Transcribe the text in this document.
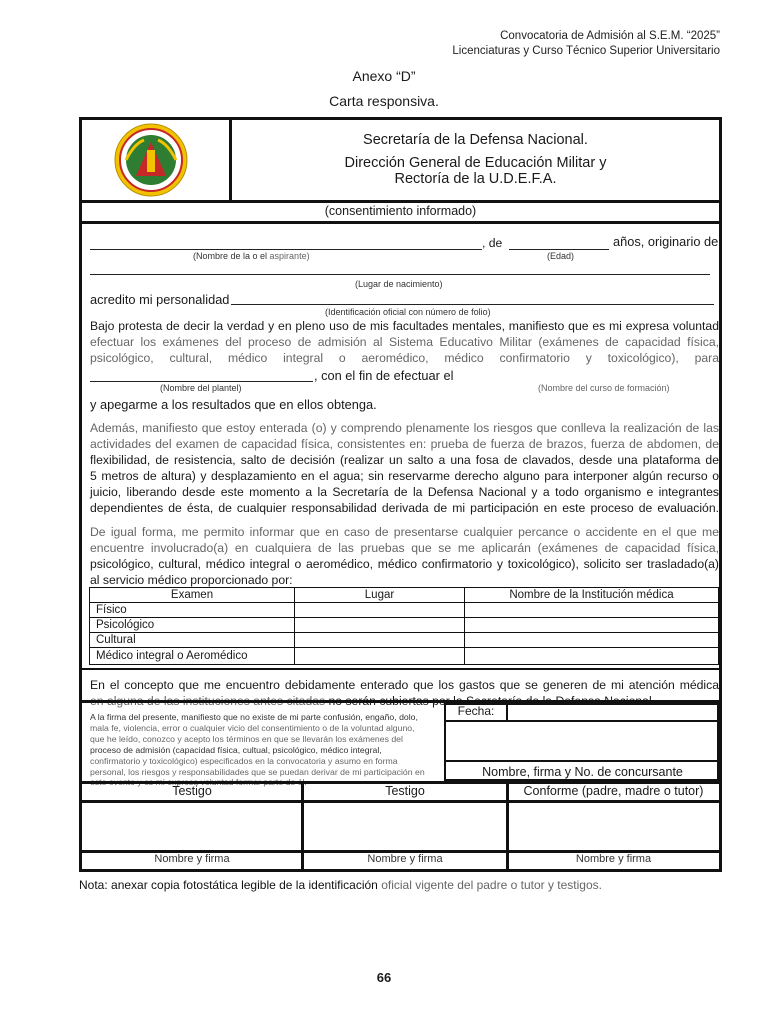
Convocatoria de Admisión al S.E.M. “2025”
Licenciaturas y Curso Técnico Superior Universitario
Anexo “D”
Carta responsiva.
Secretaría de la Defensa Nacional.
Dirección General de Educación Militar y
Rectoría de la U.D.E.F.A.
(consentimiento informado)
, de	años, originario de
(Nombre de la o el aspirante)	(Edad)
(Lugar de nacimiento)
acredito mi personalidad
(Identificación oficial con número de folio)
Bajo protesta de decir la verdad y en pleno uso de mis facultades mentales, manifiesto que es mi expresa voluntad
efectuar los exámenes del proceso de admisión al Sistema Educativo Militar (exámenes de capacidad física,
psicológico, cultural, médico integral o aeromédico, médico confirmatorio y toxicológico), para
, con el fin de efectuar el
(Nombre del plantel)	(Nombre del curso de formación)
y apegarme a los resultados que en ellos obtenga.
Además, manifiesto que estoy enterada (o) y comprendo plenamente los riesgos que conlleva la realización de las
actividades del examen de capacidad física, consistentes en: prueba de fuerza de brazos, fuerza de abdomen, de
flexibilidad, de resistencia, salto de decisión (realizar un salto a una fosa de clavados, desde una plataforma de
5 metros de altura) y desplazamiento en el agua; sin reservarme derecho alguno para interponer algún recurso o
juicio, liberando desde este momento a la Secretaría de la Defensa Nacional y a todo organismo e integrantes
dependientes de ésta, de cualquier responsabilidad derivada de mi participación en este proceso de evaluación.
De igual forma, me permito informar que en caso de presentarse cualquier percance o accidente en el que me
encuentre involucrado(a) en cualquiera de las pruebas que se me aplicarán (exámenes de capacidad física,
psicológico, cultural, médico integral o aeromédico, médico confirmatorio y toxicológico), solicito ser trasladado(a)
al servicio médico proporcionado por:
Examen	Lugar	Nombre de la Institución médica
Físico		
Psicológico		
Cultural		
Médico integral o Aeromédico		
En el concepto que me encuentro debidamente enterado que los gastos que se generen de mi atención médica
en alguna de las instituciones antes citadas no serán cubiertas por la Secretaría de la Defensa Nacional.
A la firma del presente, manifiesto que no existe de mi parte confusión, engaño, dolo,
mala fe, violencia, error o cualquier vicio del consentimiento o de la voluntad alguno,
que he leído, conozco y acepto los términos en que se llevarán los exámenes del
proceso de admisión (capacidad física, cultual, psicológico, médico integral,
confirmatorio y toxicológico) especificados en la convocatoria y asumo en forma
personal, los riesgos y responsabilidades que se puedan derivar de mi participación en
este evento y es mi expresa voluntad formar parte de él.
Fecha:
Nombre, firma y No. de concursante
Testigo	Testigo	Conforme (padre, madre o tutor)
Nombre y firma	Nombre y firma	Nombre y firma
Nota: anexar copia fotostática legible de la identificación oficial vigente del padre o tutor y testigos.
66
